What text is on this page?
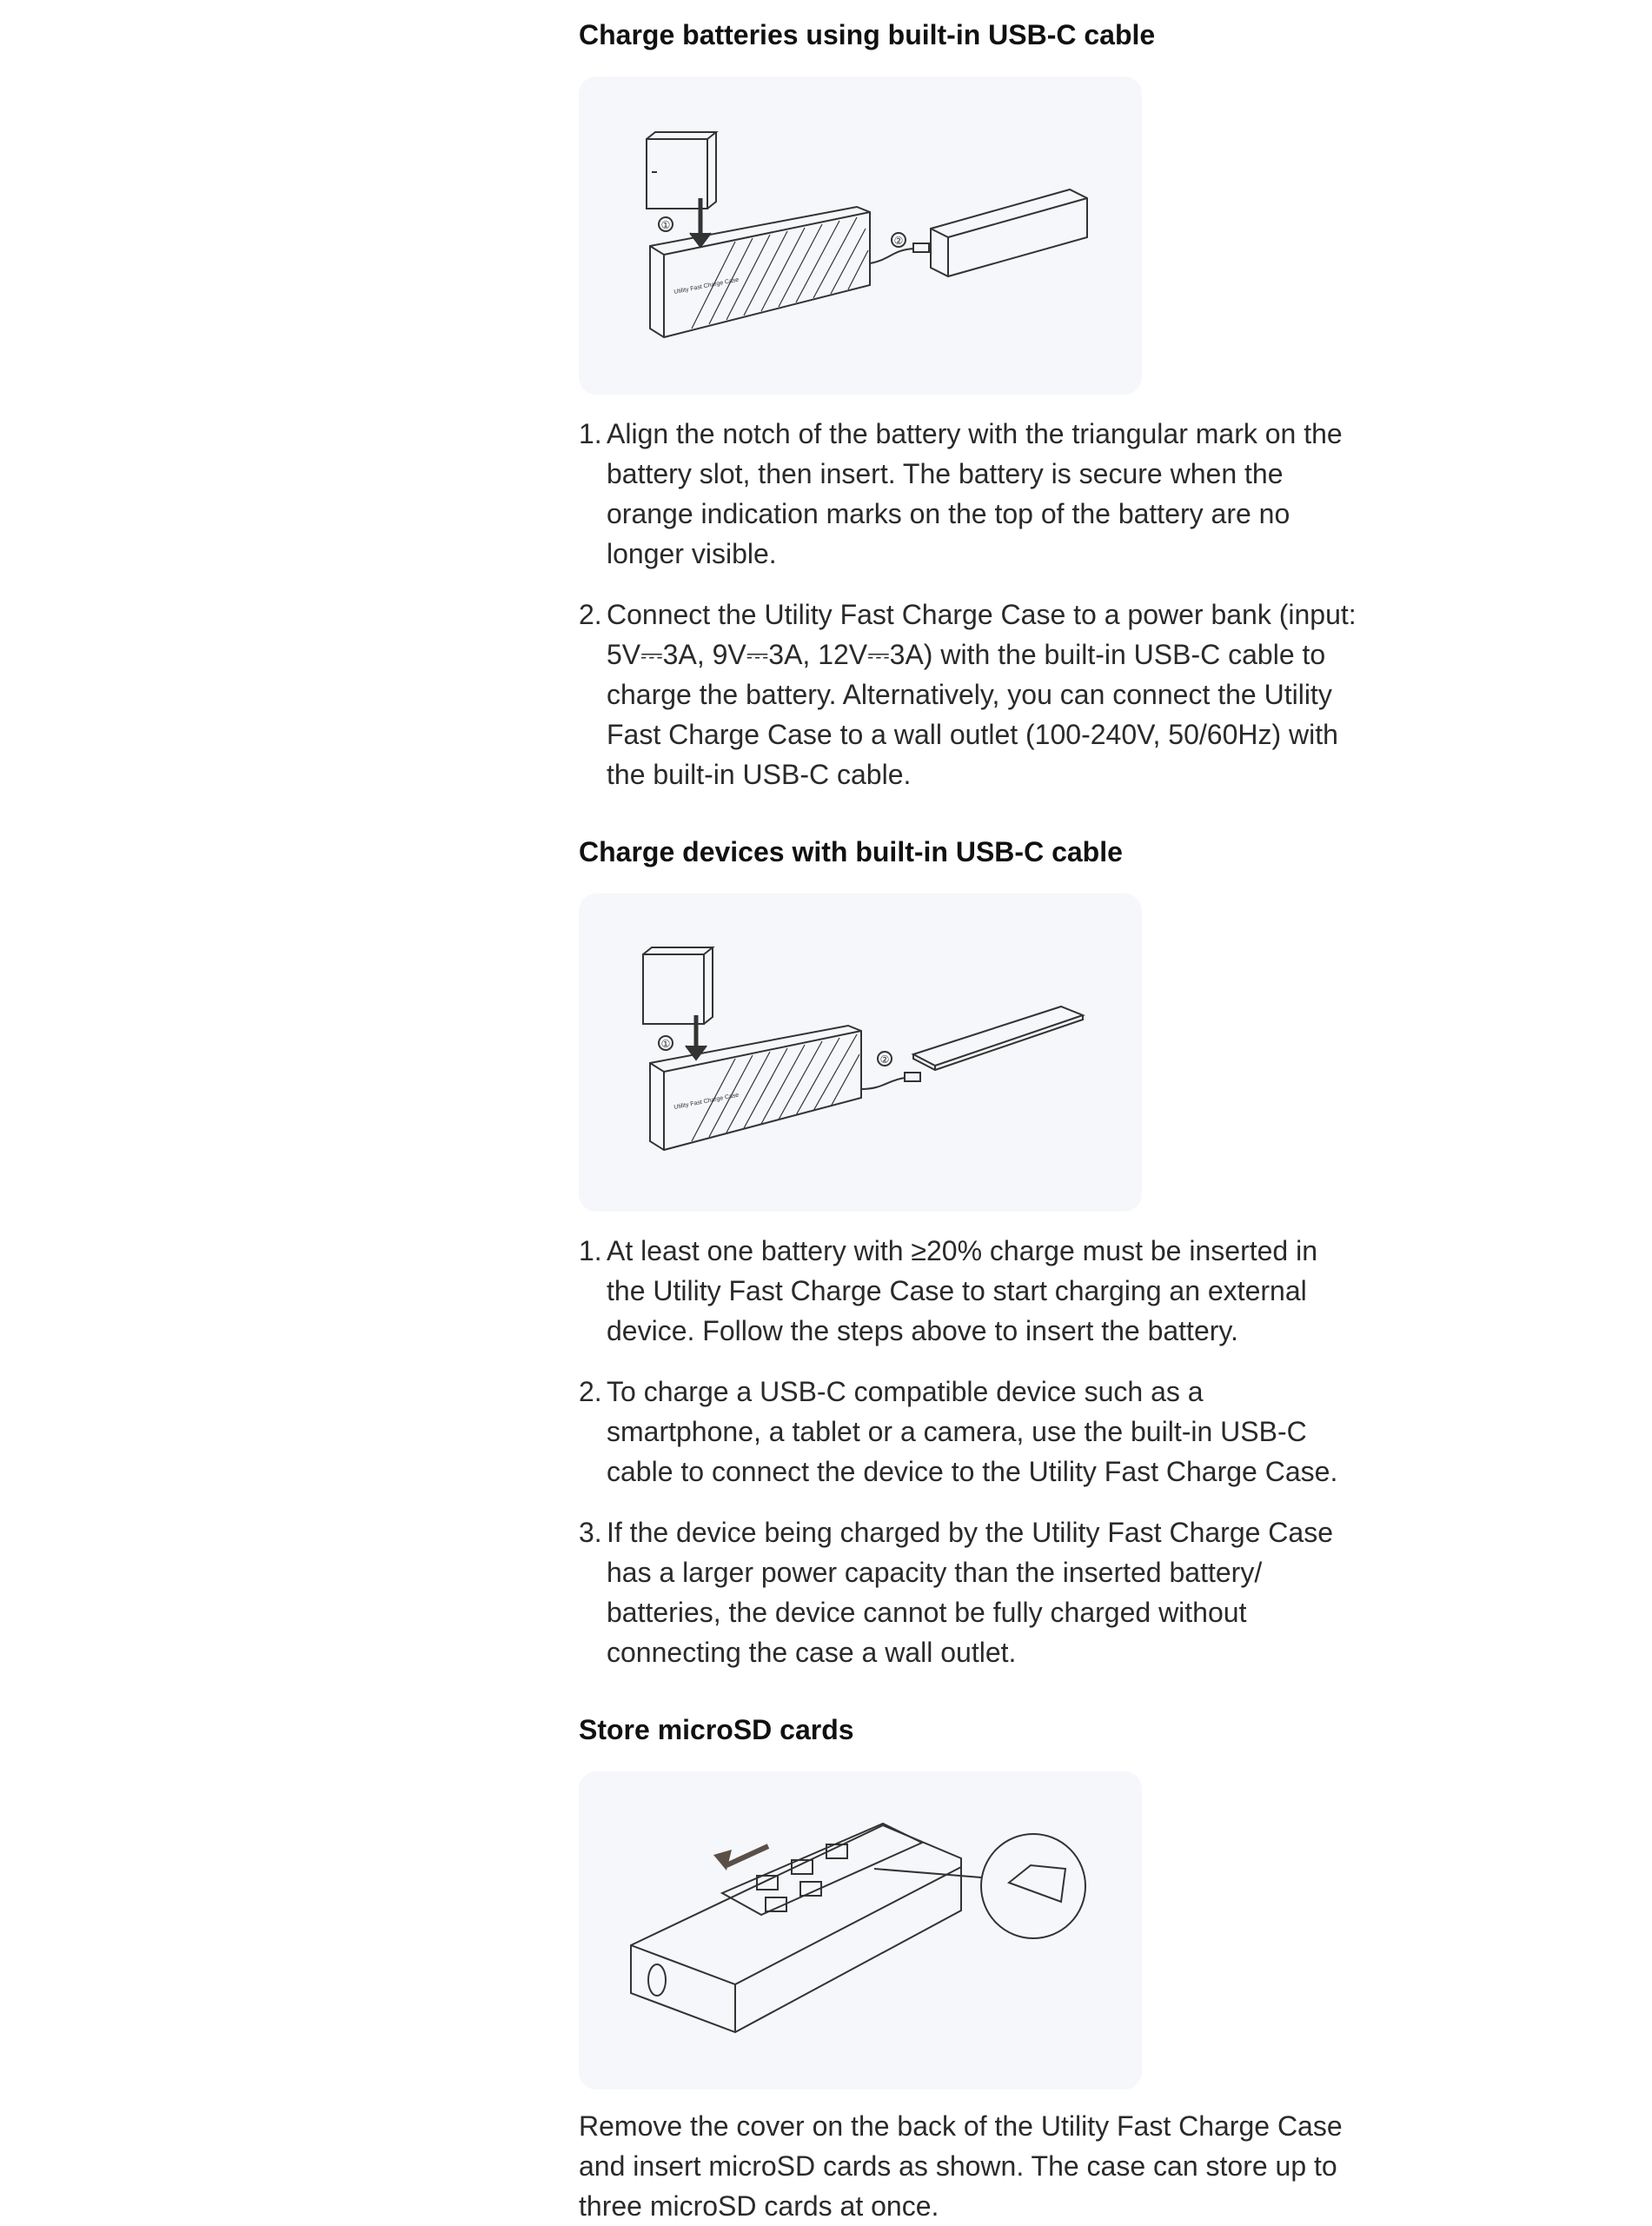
Charge batteries using built-in USB-C cable
①
②
Utility Fast Charge Case
1. Align the notch of the battery with the triangular mark on the battery slot, then insert. The battery is secure when the orange indication marks on the top of the battery are no longer visible.
2. Connect the Utility Fast Charge Case to a power bank (input: 5V⎓3A, 9V⎓3A, 12V⎓3A) with the built-in USB-C cable to charge the battery. Alternatively, you can connect the Utility Fast Charge Case to a wall outlet (100-240V, 50/60Hz) with the built-in USB-C cable.
Charge devices with built-in USB-C cable
①
②
Utility Fast Charge Case
1. At least one battery with ≥20% charge must be inserted in the Utility Fast Charge Case to start charging an external device. Follow the steps above to insert the battery.
2. To charge a USB-C compatible device such as a smartphone, a tablet or a camera, use the built-in USB-C cable to connect the device to the Utility Fast Charge Case.
3. If the device being charged by the Utility Fast Charge Case has a larger power capacity than the inserted battery/ batteries, the device cannot be fully charged without connecting the case a wall outlet.
Store microSD cards

Remove the cover on the back of the Utility Fast Charge Case and insert microSD cards as shown. The case can store up to three microSD cards at once.
